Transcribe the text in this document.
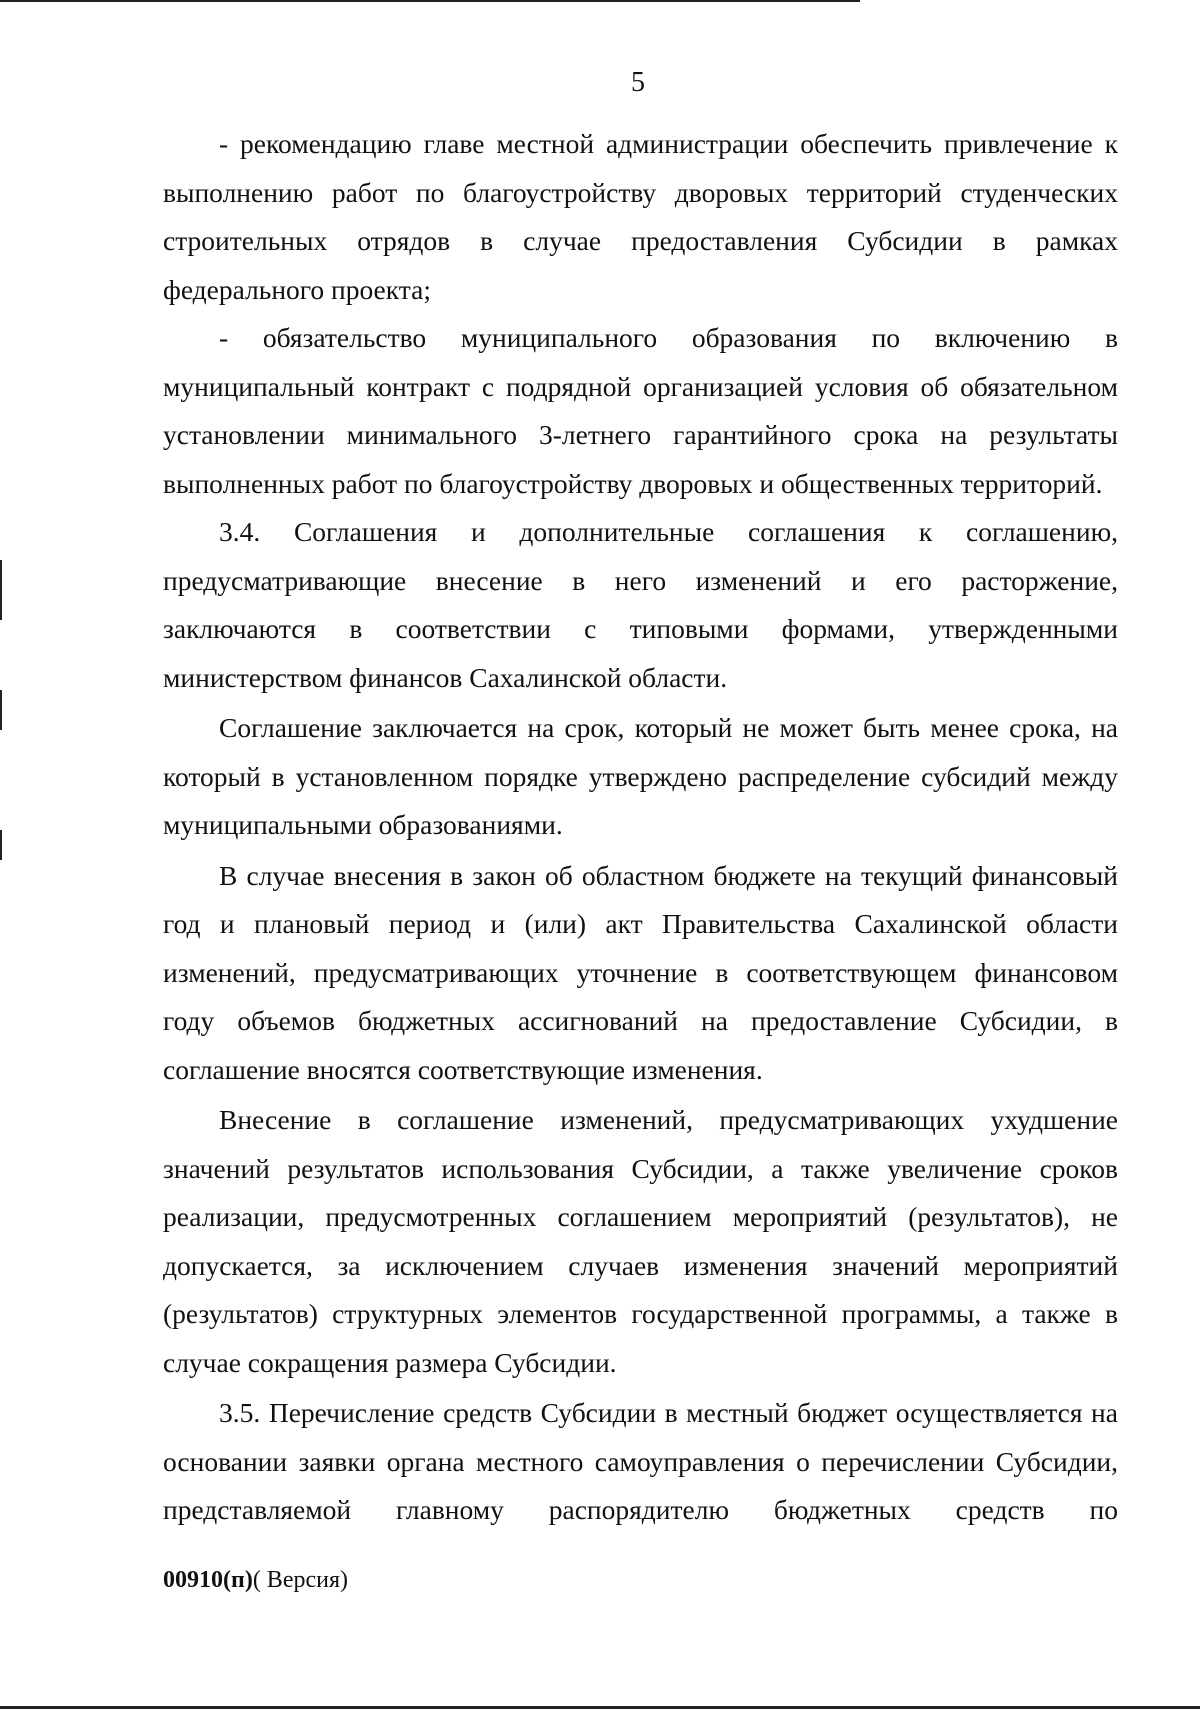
5

- рекомендацию главе местной администрации обеспечить привлечение к выполнению работ по благоустройству дворовых территорий студенческих строительных отрядов в случае предоставления Субсидии в рамках федерального проекта;

- обязательство муниципального образования по включению в муниципальный контракт с подрядной организацией условия об обязательном установлении минимального 3-летнего гарантийного срока на результаты выполненных работ по благоустройству дворовых и общественных территорий.

3.4. Соглашения и дополнительные соглашения к соглашению, предусматривающие внесение в него изменений и его расторжение, заключаются в соответствии с типовыми формами, утвержденными министерством финансов Сахалинской области.

Соглашение заключается на срок, который не может быть менее срока, на который в установленном порядке утверждено распределение субсидий между муниципальными образованиями.

В случае внесения в закон об областном бюджете на текущий финансовый год и плановый период и (или) акт Правительства Сахалинской области изменений, предусматривающих уточнение в соответствующем финансовом году объемов бюджетных ассигнований на предоставление Субсидии, в соглашение вносятся соответствующие изменения.

Внесение в соглашение изменений, предусматривающих ухудшение значений результатов использования Субсидии, а также увеличение сроков реализации, предусмотренных соглашением мероприятий (результатов), не допускается, за исключением случаев изменения значений мероприятий (результатов) структурных элементов государственной программы, а также в случае сокращения размера Субсидии.

3.5. Перечисление средств Субсидии в местный бюджет осуществляется на основании заявки органа местного самоуправления о перечислении Субсидии, представляемой главному распорядителю бюджетных средств по

00910(п)( Версия)
